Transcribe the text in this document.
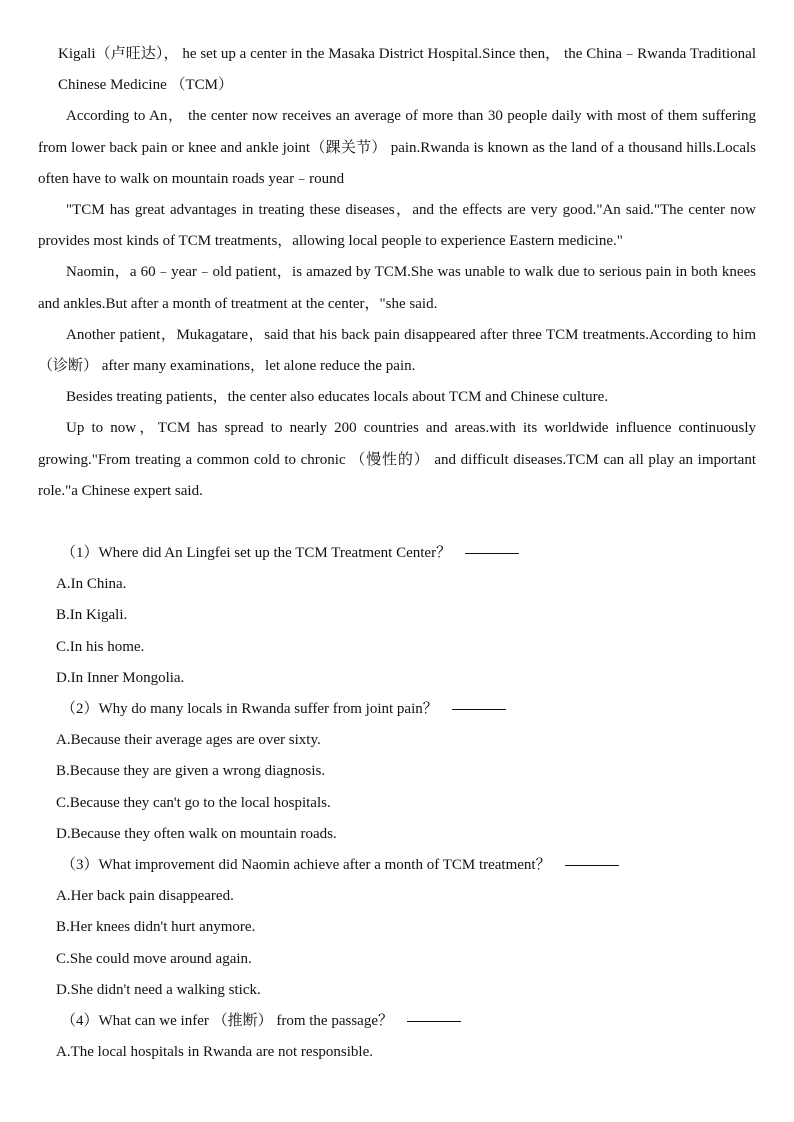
Kigali（卢旺达）， he set up a center in the Masaka District Hospital.Since then， the China﹣Rwanda Traditional Chinese Medicine （TCM）

According to An， the center now receives an average of more than 30 people daily with most of them suffering from lower back pain or knee and ankle joint（踝关节） pain.Rwanda is known as the land of a thousand hills.Locals often have to walk on mountain roads year﹣round

"TCM has great advantages in treating these diseases，and the effects are very good."An said."The center now provides most kinds of TCM treatments，allowing local people to experience Eastern medicine."

Naomin，a 60﹣year﹣old patient，is amazed by TCM.She was unable to walk due to serious pain in both knees and ankles.But after a month of treatment at the center，"she said.

Another patient，Mukagatare，said that his back pain disappeared after three TCM treatments.According to him（诊断） after many examinations，let alone reduce the pain.

Besides treating patients，the center also educates locals about TCM and Chinese culture.

Up to now，TCM has spread to nearly 200 countries and areas.with its worldwide influence continuously growing."From treating a common cold to chronic （慢性的） and difficult diseases.TCM can all play an important role."a Chinese expert said.

（1）Where did An Lingfei set up the TCM Treatment Center？

A.In China.

B.In Kigali.

C.In his home.

D.In Inner Mongolia.

（2）Why do many locals in Rwanda suffer from joint pain？

A.Because their average ages are over sixty.

B.Because they are given a wrong diagnosis.

C.Because they can't go to the local hospitals.

D.Because they often walk on mountain roads.

（3）What improvement did Naomin achieve after a month of TCM treatment？

A.Her back pain disappeared.

B.Her knees didn't hurt anymore.

C.She could move around again.

D.She didn't need a walking stick.

（4）What can we infer （推断） from the passage？

A.The local hospitals in Rwanda are not responsible.
